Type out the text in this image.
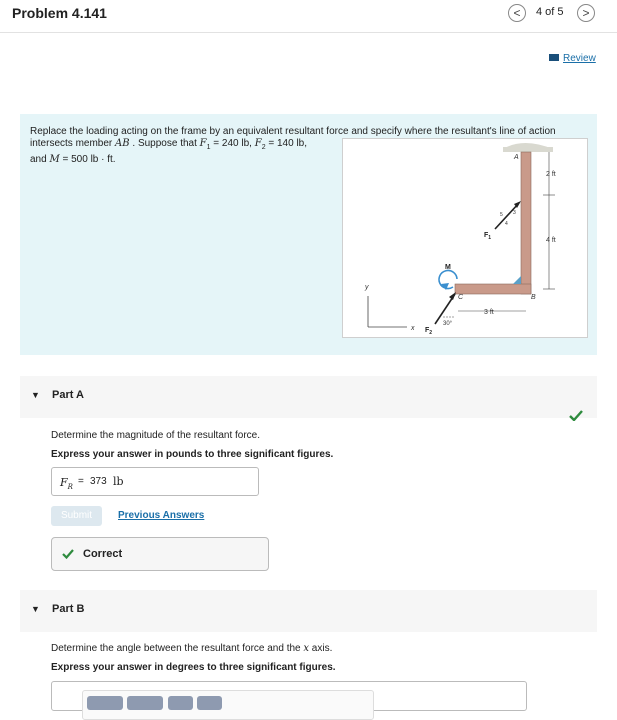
Problem 4.141	<	4 of 5	>
Review
Replace the loading acting on the frame by an equivalent resultant force and specify where the resultant's line of action intersects member AB . Suppose that $F_1 = 240$ lb, $F_2 = 140$ lb,
and M = 500 lb · ft.
2 ft
4 ft
3 ft
A
B
C
$F_1$
5 3
4
M
30°
$F_2$
y
x
▼ Part A
Determine the magnitude of the resultant force.
Express your answer in pounds to three significant figures.
$F_R$
= 373 lb
Submit	Previous Answers
Correct
▼ Part B
Determine the angle between the resultant force and the x axis.
Express your answer in degrees to three significant figures.
